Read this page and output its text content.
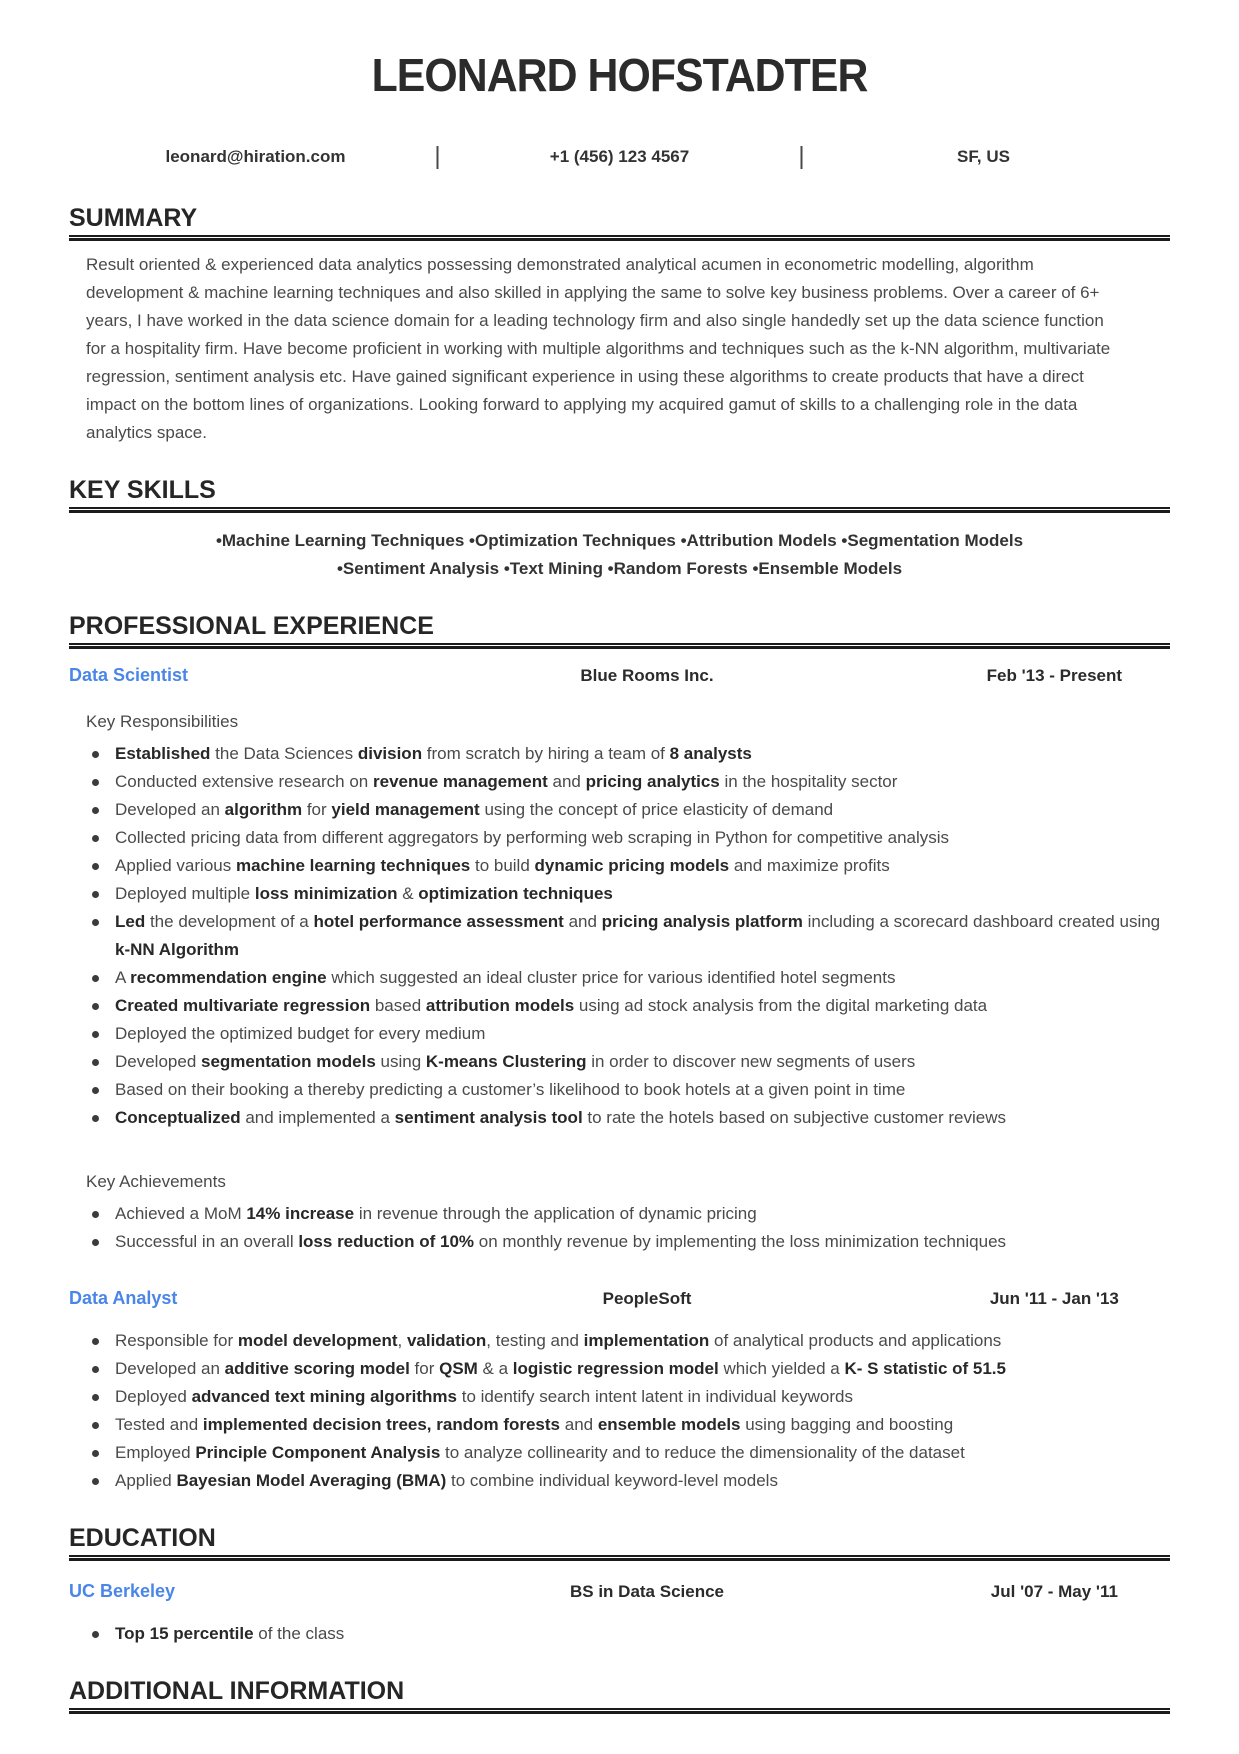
LEONARD HOFSTADTER
leonard@hiration.com	|	+1 (456) 123 4567	|	SF, US
SUMMARY

Result oriented & experienced data analytics possessing demonstrated analytical acumen in econometric modelling, algorithm development & machine learning techniques and also skilled in applying the same to solve key business problems. Over a career of 6+ years, I have worked in the data science domain for a leading technology firm and also single handedly set up the data science function for a hospitality firm. Have become proficient in working with multiple algorithms and techniques such as the k-NN algorithm, multivariate regression, sentiment analysis etc. Have gained significant experience in using these algorithms to create products that have a direct impact on the bottom lines of organizations. Looking forward to applying my acquired gamut of skills to a challenging role in the data analytics space.

KEY SKILLS
•Machine Learning Techniques •Optimization Techniques •Attribution Models •Segmentation Models
•Sentiment Analysis •Text Mining •Random Forests •Ensemble Models
PROFESSIONAL EXPERIENCE
Data Scientist	Blue Rooms Inc.	Feb '13 - Present
Key Responsibilities
Established the Data Sciences division from scratch by hiring a team of 8 analysts
Conducted extensive research on revenue management and pricing analytics in the hospitality sector
Developed an algorithm for yield management using the concept of price elasticity of demand
Collected pricing data from different aggregators by performing web scraping in Python for competitive analysis
Applied various machine learning techniques to build dynamic pricing models and maximize profits
Deployed multiple loss minimization & optimization techniques
Led the development of a hotel performance assessment and pricing analysis platform including a scorecard dashboard created using k-NN Algorithm
A recommendation engine which suggested an ideal cluster price for various identified hotel segments
Created multivariate regression based attribution models using ad stock analysis from the digital marketing data
Deployed the optimized budget for every medium
Developed segmentation models using K-means Clustering in order to discover new segments of users
Based on their booking a thereby predicting a customer’s likelihood to book hotels at a given point in time
Conceptualized and implemented a sentiment analysis tool to rate the hotels based on subjective customer reviews
Key Achievements
Achieved a MoM 14% increase in revenue through the application of dynamic pricing
Successful in an overall loss reduction of 10% on monthly revenue by implementing the loss minimization techniques
Data Analyst	PeopleSoft	Jun '11 - Jan '13
Responsible for model development, validation, testing and implementation of analytical products and applications
Developed an additive scoring model for QSM & a logistic regression model which yielded a K- S statistic of 51.5
Deployed advanced text mining algorithms to identify search intent latent in individual keywords
Tested and implemented decision trees, random forests and ensemble models using bagging and boosting
Employed Principle Component Analysis to analyze collinearity and to reduce the dimensionality of the dataset
Applied Bayesian Model Averaging (BMA) to combine individual keyword-level models
EDUCATION
UC Berkeley	BS in Data Science	Jul '07 - May '11
Top 15 percentile of the class
ADDITIONAL INFORMATION
